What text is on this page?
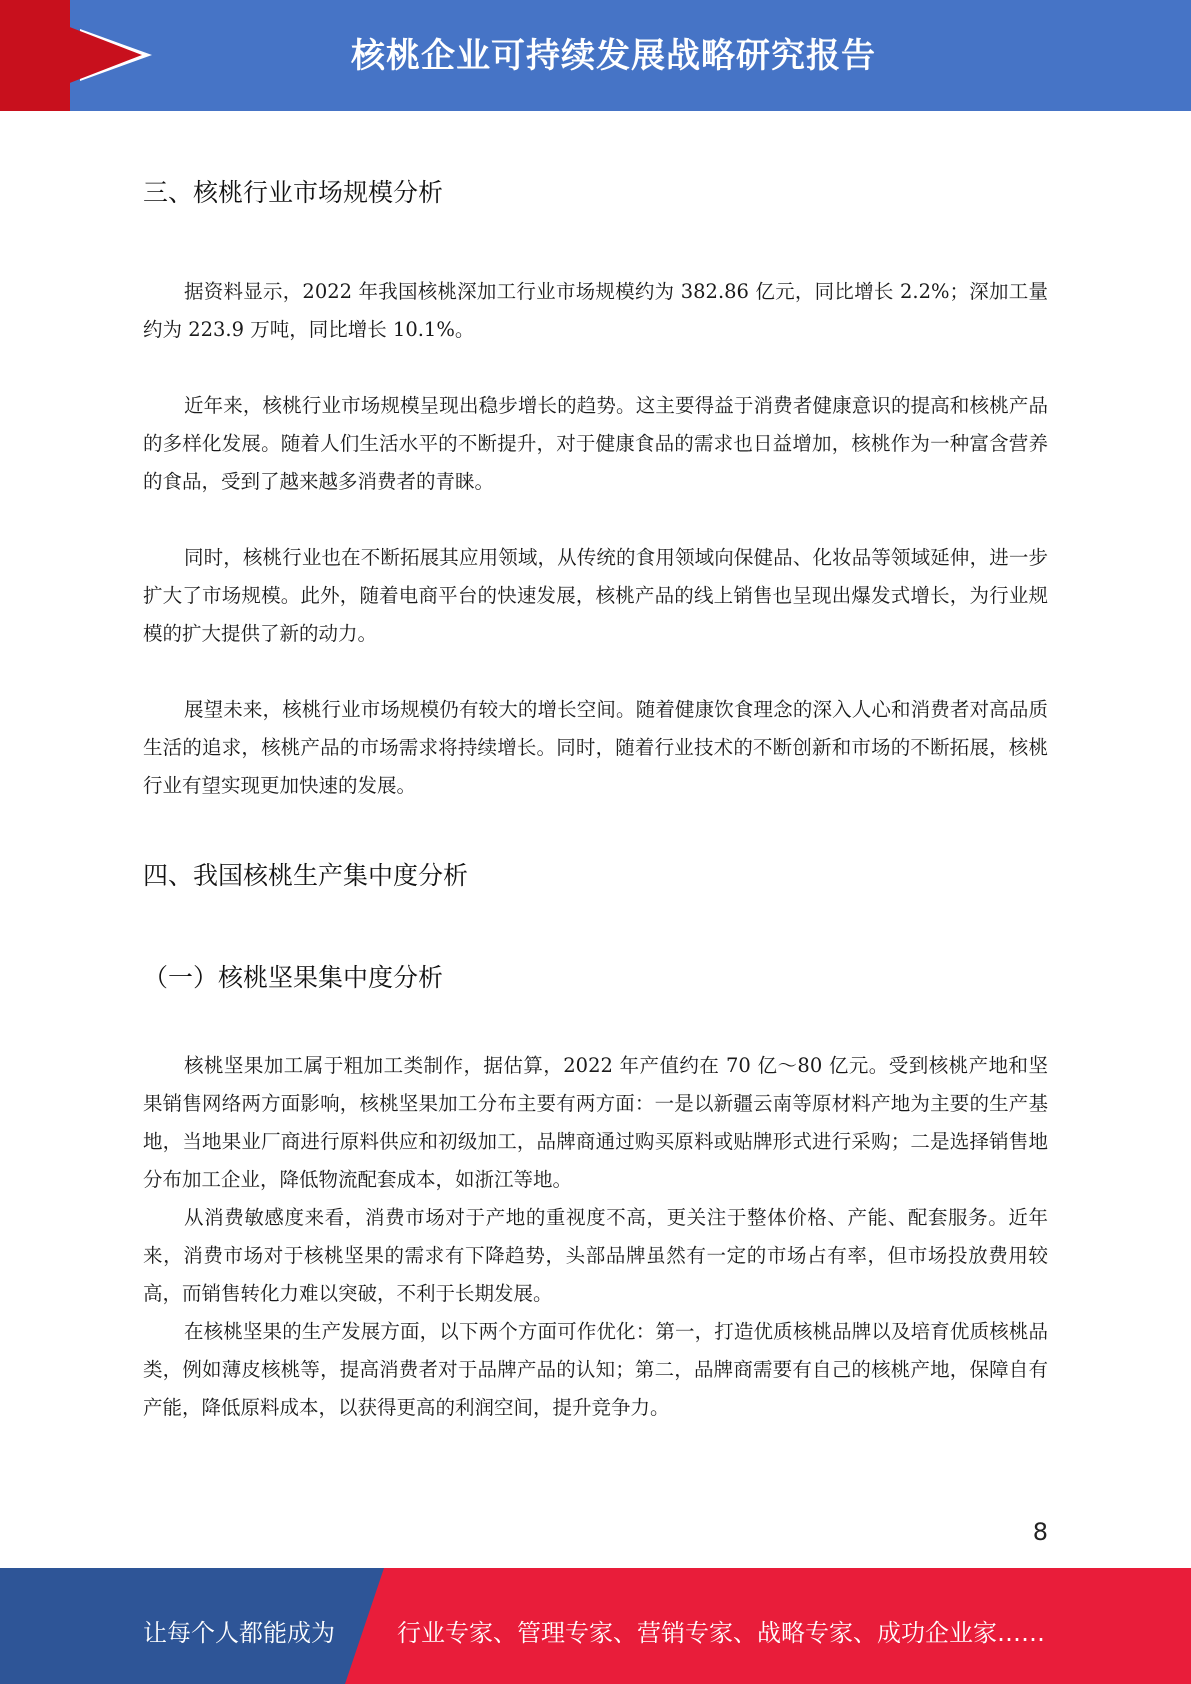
核桃企业可持续发展战略研究报告
三、核桃行业市场规模分析
据资料显示，2022 年我国核桃深加工行业市场规模约为 382.86 亿元，同比增长 2.2%；深加工量约为 223.9 万吨，同比增长 10.1%。
近年来，核桃行业市场规模呈现出稳步增长的趋势。这主要得益于消费者健康意识的提高和核桃产品的多样化发展。随着人们生活水平的不断提升，对于健康食品的需求也日益增加，核桃作为一种富含营养的食品，受到了越来越多消费者的青睐。
同时，核桃行业也在不断拓展其应用领域，从传统的食用领域向保健品、化妆品等领域延伸，进一步扩大了市场规模。此外，随着电商平台的快速发展，核桃产品的线上销售也呈现出爆发式增长，为行业规模的扩大提供了新的动力。
展望未来，核桃行业市场规模仍有较大的增长空间。随着健康饮食理念的深入人心和消费者对高品质生活的追求，核桃产品的市场需求将持续增长。同时，随着行业技术的不断创新和市场的不断拓展，核桃行业有望实现更加快速的发展。
四、我国核桃生产集中度分析
（一）核桃坚果集中度分析
核桃坚果加工属于粗加工类制作，据估算，2022 年产值约在 70 亿～80 亿元。受到核桃产地和坚果销售网络两方面影响，核桃坚果加工分布主要有两方面：一是以新疆云南等原材料产地为主要的生产基地，当地果业厂商进行原料供应和初级加工，品牌商通过购买原料或贴牌形式进行采购；二是选择销售地分布加工企业，降低物流配套成本，如浙江等地。
从消费敏感度来看，消费市场对于产地的重视度不高，更关注于整体价格、产能、配套服务。近年来，消费市场对于核桃坚果的需求有下降趋势，头部品牌虽然有一定的市场占有率，但市场投放费用较高，而销售转化力难以突破，不利于长期发展。
在核桃坚果的生产发展方面，以下两个方面可作优化：第一，打造优质核桃品牌以及培育优质核桃品类，例如薄皮核桃等，提高消费者对于品牌产品的认知；第二，品牌商需要有自己的核桃产地，保障自有产能，降低原料成本，以获得更高的利润空间，提升竞争力。
8
让每个人都能成为	行业专家、管理专家、营销专家、战略专家、成功企业家……
